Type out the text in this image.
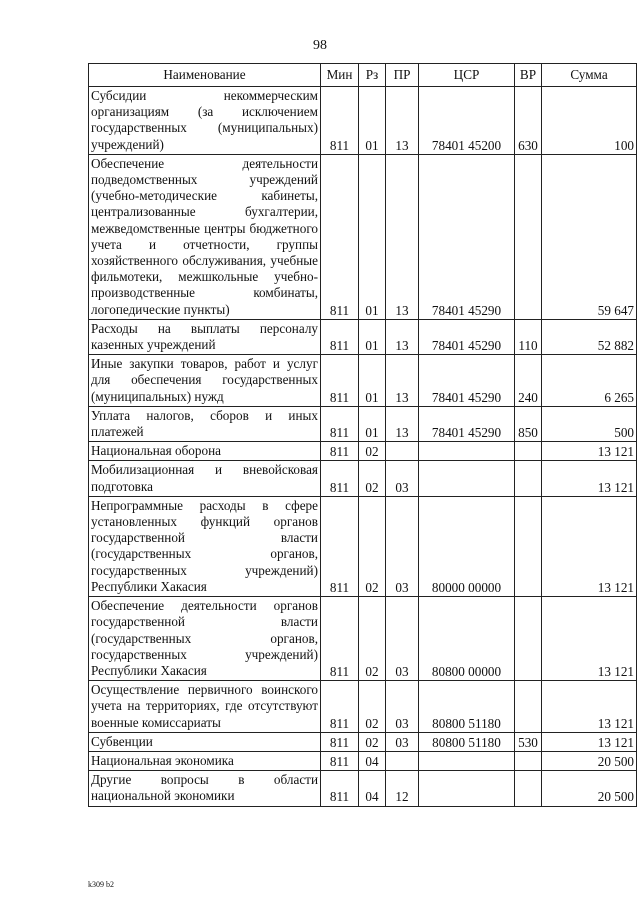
98
Наименование	Мин	Рз	ПР	ЦСР	ВР	Сумма
Субсидии некоммерческим организациям (за исключением государственных (муниципальных) учреждений)	811	01	13	78401 45200	630	100
Обеспечение деятельности подведомственных учреждений (учебно-методические кабинеты, централизованные бухгалтерии, межведомственные центры бюджетного учета и отчетности, группы хозяйственного обслуживания, учебные фильмотеки, межшкольные учебно-производственные комбинаты, логопедические пункты)	811	01	13	78401 45290		59 647
Расходы на выплаты персоналу казенных учреждений	811	01	13	78401 45290	110	52 882
Иные закупки товаров, работ и услуг для обеспечения государственных (муниципальных) нужд	811	01	13	78401 45290	240	6 265
Уплата налогов, сборов и иных платежей	811	01	13	78401 45290	850	500
Национальная оборона	811	02				13 121
Мобилизационная и вневойсковая подготовка	811	02	03			13 121
Непрограммные расходы в сфере установленных функций органов государственной власти (государственных органов, государственных учреждений) Республики Хакасия	811	02	03	80000 00000		13 121
Обеспечение деятельности органов государственной власти (государственных органов, государственных учреждений) Республики Хакасия	811	02	03	80800 00000		13 121
Осуществление первичного воинского учета на территориях, где отсутствуют военные комиссариаты	811	02	03	80800 51180		13 121
Субвенции	811	02	03	80800 51180	530	13 121
Национальная экономика	811	04				20 500
Другие вопросы в области национальной экономики	811	04	12			20 500
k309 b2
